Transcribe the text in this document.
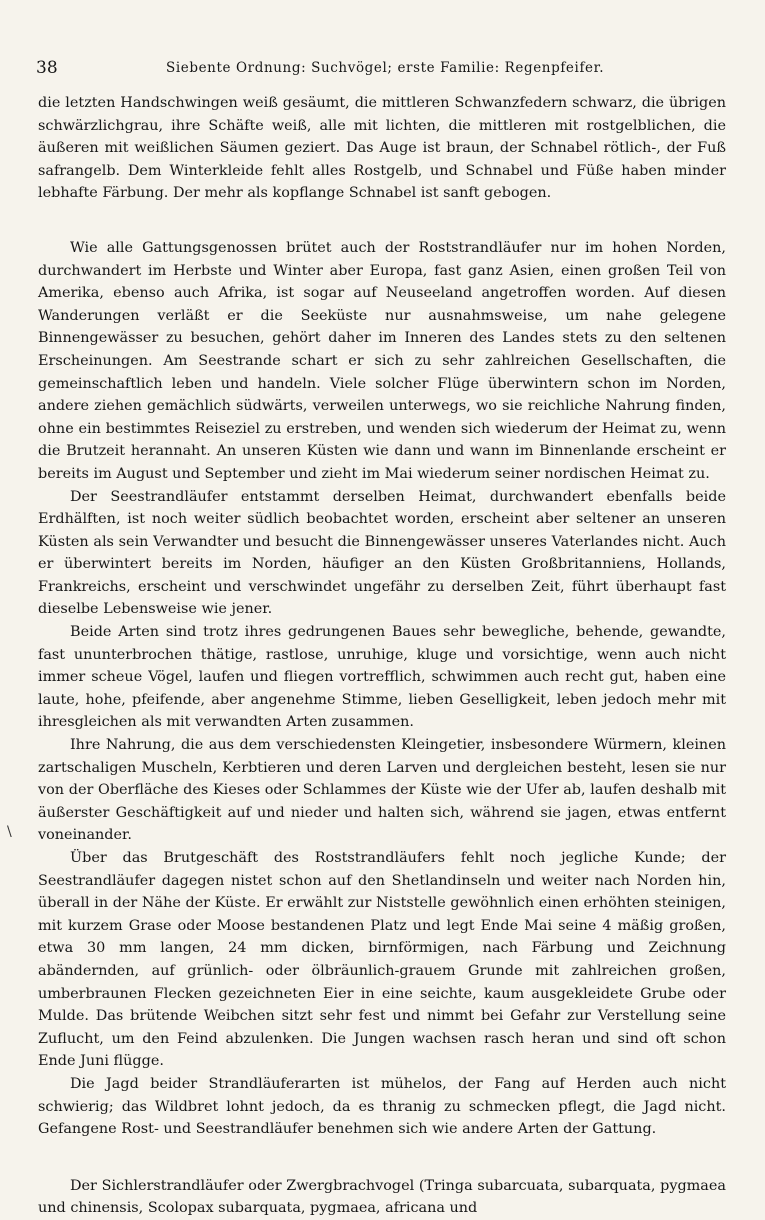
38	Siebente Ordnung: Suchvögel; erste Familie: Regenpfeifer.
\

die letzten Handschwingen weiß gesäumt, die mittleren Schwanzfedern schwarz, die übrigen schwärzlichgrau, ihre Schäfte weiß, alle mit lichten, die mittleren mit rostgelblichen, die äußeren mit weißlichen Säumen geziert. Das Auge ist braun, der Schnabel rötlich-, der Fuß safrangelb. Dem Winterkleide fehlt alles Rostgelb, und Schnabel und Füße haben minder lebhafte Färbung. Der mehr als kopflange Schnabel ist sanft gebogen.

Wie alle Gattungsgenossen brütet auch der Roststrandläufer nur im hohen Norden, durchwandert im Herbste und Winter aber Europa, fast ganz Asien, einen großen Teil von Amerika, ebenso auch Afrika, ist sogar auf Neuseeland angetroffen worden. Auf diesen Wanderungen verläßt er die Seeküste nur ausnahmsweise, um nahe gelegene Binnengewässer zu besuchen, gehört daher im Inneren des Landes stets zu den seltenen Erscheinungen. Am Seestrande schart er sich zu sehr zahlreichen Gesellschaften, die gemeinschaftlich leben und handeln. Viele solcher Flüge überwintern schon im Norden, andere ziehen gemächlich südwärts, verweilen unterwegs, wo sie reichliche Nahrung finden, ohne ein bestimmtes Reiseziel zu erstreben, und wenden sich wiederum der Heimat zu, wenn die Brutzeit herannaht. An unseren Küsten wie dann und wann im Binnenlande erscheint er bereits im August und September und zieht im Mai wiederum seiner nordischen Heimat zu.

Der Seestrandläufer entstammt derselben Heimat, durchwandert ebenfalls beide Erdhälften, ist noch weiter südlich beobachtet worden, erscheint aber seltener an unseren Küsten als sein Verwandter und besucht die Binnengewässer unseres Vaterlandes nicht. Auch er überwintert bereits im Norden, häufiger an den Küsten Großbritanniens, Hollands, Frankreichs, erscheint und verschwindet ungefähr zu derselben Zeit, führt überhaupt fast dieselbe Lebensweise wie jener.

Beide Arten sind trotz ihres gedrungenen Baues sehr bewegliche, behende, gewandte, fast ununterbrochen thätige, rastlose, unruhige, kluge und vorsichtige, wenn auch nicht immer scheue Vögel, laufen und fliegen vortrefflich, schwimmen auch recht gut, haben eine laute, hohe, pfeifende, aber angenehme Stimme, lieben Geselligkeit, leben jedoch mehr mit ihresgleichen als mit verwandten Arten zusammen.

Ihre Nahrung, die aus dem verschiedensten Kleingetier, insbesondere Würmern, kleinen zartschaligen Muscheln, Kerbtieren und deren Larven und dergleichen besteht, lesen sie nur von der Oberfläche des Kieses oder Schlammes der Küste wie der Ufer ab, laufen deshalb mit äußerster Geschäftigkeit auf und nieder und halten sich, während sie jagen, etwas entfernt voneinander.

Über das Brutgeschäft des Roststrandläufers fehlt noch jegliche Kunde; der Seestrandläufer dagegen nistet schon auf den Shetlandinseln und weiter nach Norden hin, überall in der Nähe der Küste. Er erwählt zur Niststelle gewöhnlich einen erhöhten steinigen, mit kurzem Grase oder Moose bestandenen Platz und legt Ende Mai seine 4 mäßig großen, etwa 30 mm langen, 24 mm dicken, birnförmigen, nach Färbung und Zeichnung abändernden, auf grünlich- oder ölbräunlich-grauem Grunde mit zahlreichen großen, umberbraunen Flecken gezeichneten Eier in eine seichte, kaum ausgekleidete Grube oder Mulde. Das brütende Weibchen sitzt sehr fest und nimmt bei Gefahr zur Verstellung seine Zuflucht, um den Feind abzulenken. Die Jungen wachsen rasch heran und sind oft schon Ende Juni flügge.

Die Jagd beider Strandläuferarten ist mühelos, der Fang auf Herden auch nicht schwierig; das Wildbret lohnt jedoch, da es thranig zu schmecken pflegt, die Jagd nicht. Gefangene Rost- und Seestrandläufer benehmen sich wie andere Arten der Gattung.

Der Sichlerstrandläufer oder Zwergbrachvogel (Tringa subarcuata, subarquata, pygmaea und chinensis, Scolopax subarquata, pygmaea, africana und
